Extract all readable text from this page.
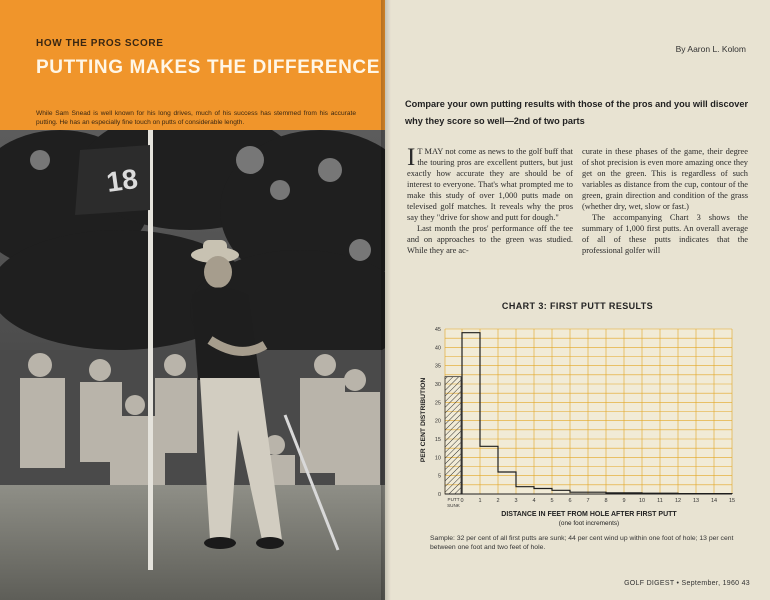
HOW THE PROS SCORE
PUTTING MAKES THE DIFFERENCE
While Sam Snead is well known for his long drives, much of his success has stemmed from his accurate putting. He has an especially fine touch on putts of considerable length.
18
By Aaron L. Kolom
Compare your own putting results with those of the pros and you will discover why they score so well—2nd of two parts
I T MAY not come as news to the golf buff that the touring pros are excellent putters, but just exactly how accurate they are should be of interest to everyone. That's what prompted me to make this study of over 1,000 putts made on televised golf matches. It reveals why the pros say they "drive for show and putt for dough."
Last month the pros' performance off the tee and on approaches to the green was studied. While they are ac-
curate in these phases of the game, their degree of shot precision is even more amazing once they get on the green. This is regardless of such variables as distance from the cup, contour of the green, grain direction and condition of the grass (whether dry, wet, slow or fast.)
The accompanying Chart 3 shows the summary of 1,000 first putts. An overall average of all of these putts indicates that the professional golfer will
CHART 3: FIRST PUTT RESULTS
0
5
10
15
20
25
30
35
40
45
0	1	2	3	4	5	6	7	8	9 10 11 12 13 14 15
PUTT
SUNK
PER CENT DISTRIBUTION
DISTANCE IN FEET FROM HOLE AFTER FIRST PUTT
(one foot increments)
Sample: 32 per cent of all first putts are sunk; 44 per cent wind up within one foot of hole; 13 per cent between one foot and two feet of hole.
GOLF DIGEST • September, 1960 43
